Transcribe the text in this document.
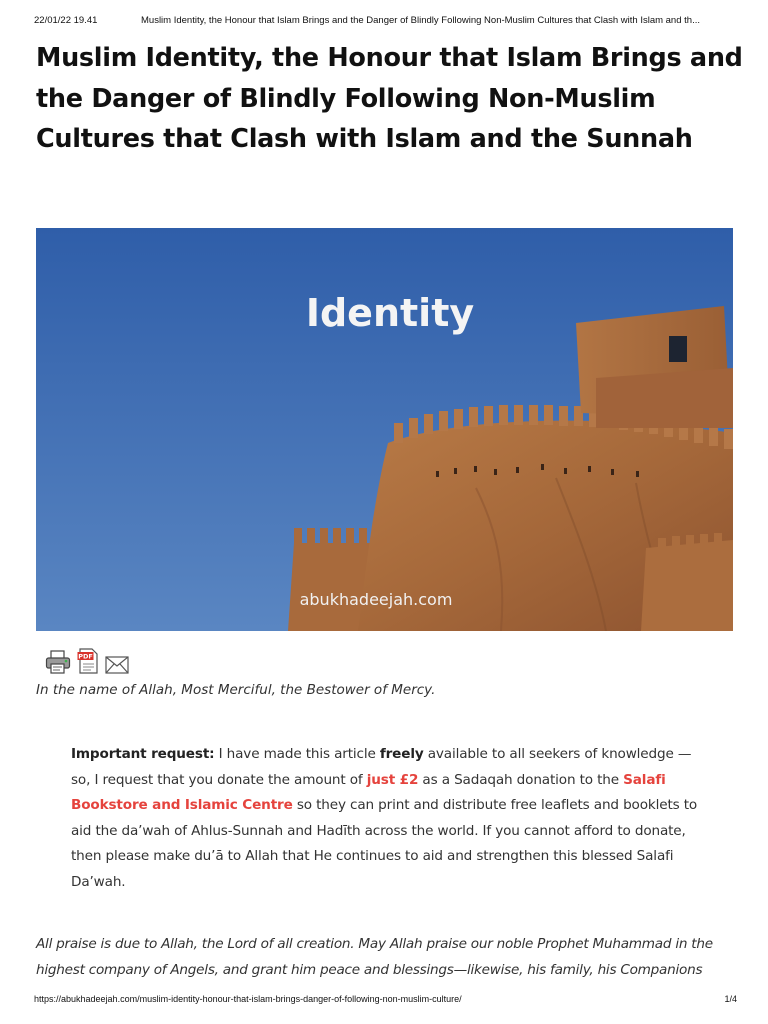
22/01/22 19.41	Muslim Identity, the Honour that Islam Brings and the Danger of Blindly Following Non-Muslim Cultures that Clash with Islam and th...
Muslim Identity, the Honour that Islam Brings and the Danger of Blindly Following Non-Muslim Cultures that Clash with Islam and the Sunnah
Identity
abukhadeejah.com
PDF

In the name of Allah, Most Merciful, the Bestower of Mercy.

Important request: I have made this article freely available to all seekers of knowledge — so, I request that you donate the amount of just £2 as a Sadaqah donation to the Salafi Bookstore and Islamic Centre so they can print and distribute free leaflets and booklets to aid the da’wah of Ahlus-Sunnah and Hadīth across the world. If you cannot afford to donate, then please make du’ā to Allah that He continues to aid and strengthen this blessed Salafi Da’wah.

All praise is due to Allah, the Lord of all creation. May Allah praise our noble Prophet Muhammad in the highest company of Angels, and grant him peace and blessings—likewise, his family, his Companions

https://abukhadeejah.com/muslim-identity-honour-that-islam-brings-danger-of-following-non-muslim-culture/	1/4
